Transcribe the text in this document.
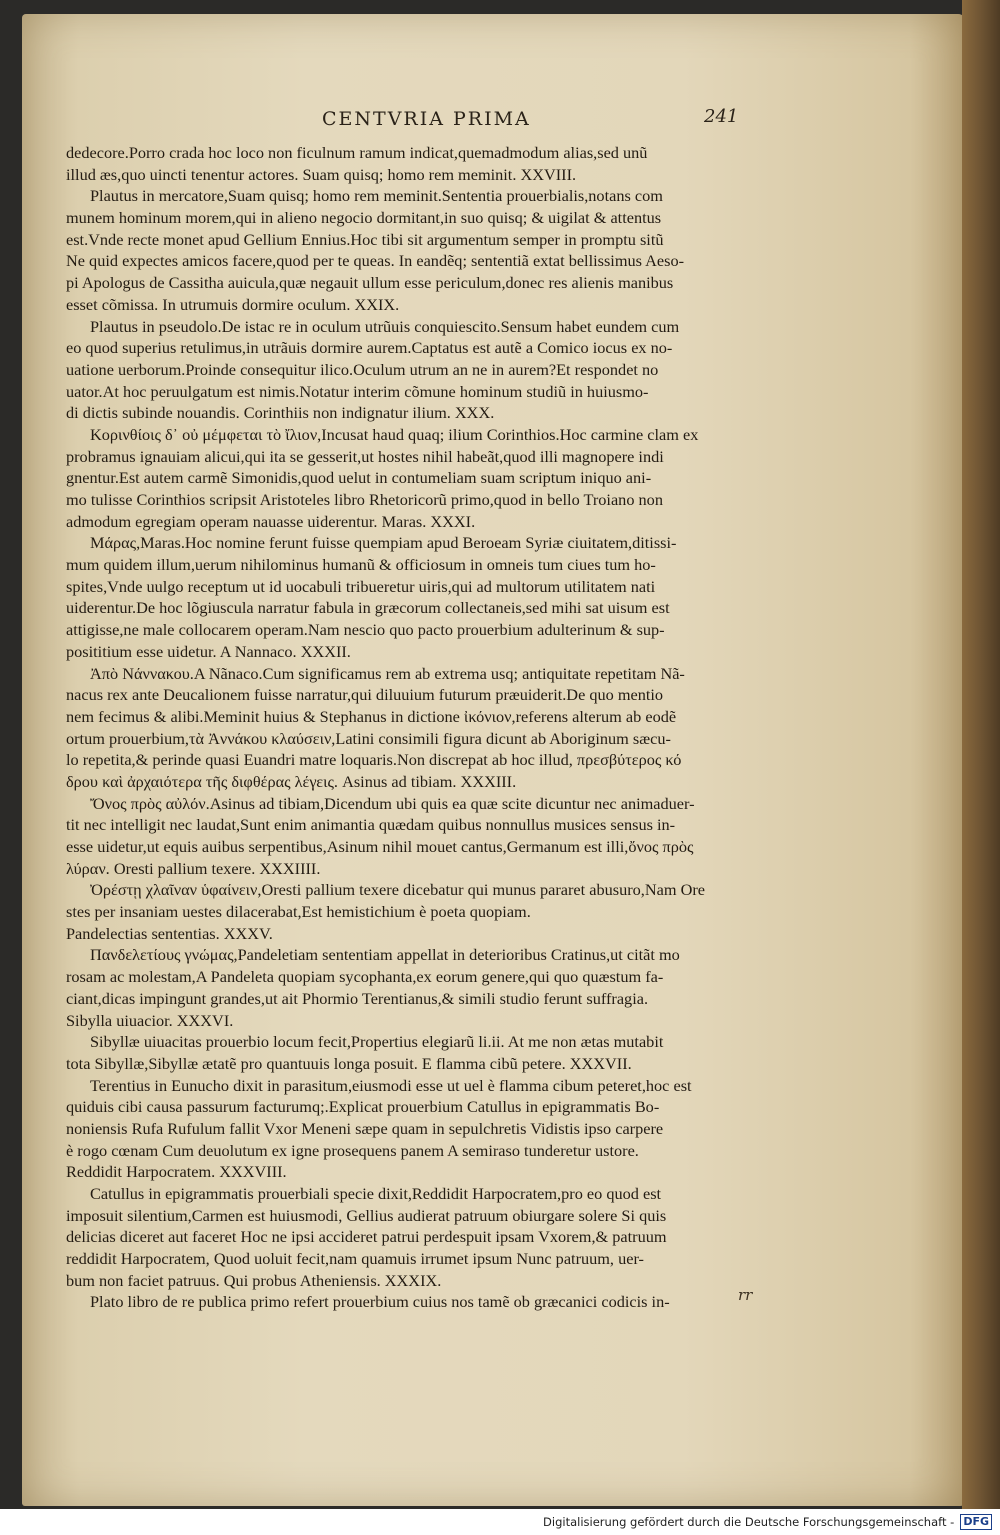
CENTVRIA PRIMA	241
dedecore.Porro crada hoc loco non ficulnum ramum indicat,quemadmodum alias,sed unũ
illud æs,quo uincti tenentur actores. Suam quisq; homo rem meminit. XXVIII.
Plautus in mercatore,Suam quisq; homo rem meminit.Sententia prouerbialis,notans com
munem hominum morem,qui in alieno negocio dormitant,in suo quisq; & uigilat & attentus
est.Vnde recte monet apud Gellium Ennius.Hoc tibi sit argumentum semper in promptu sitũ
Ne quid expectes amicos facere,quod per te queas. In eandẽq; sententiã extat bellissimus Aeso-
pi Apologus de Cassitha auicula,quæ negauit ullum esse periculum,donec res alienis manibus
esset cõmissa. In utrumuis dormire oculum. XXIX.
Plautus in pseudolo.De istac re in oculum utrũuis conquiescito.Sensum habet eundem cum
eo quod superius retulimus,in utrãuis dormire aurem.Captatus est autẽ a Comico iocus ex no-
uatione uerborum.Proinde consequitur ilico.Oculum utrum an ne in aurem?Et respondet no
uator.At hoc peruulgatum est nimis.Notatur interim cõmune hominum studiũ in huiusmo-
di dictis subinde nouandis. Corinthiis non indignatur ilium. XXX.
Κορινθίοις δ᾽ οὐ μέμφεται τὸ ἴλιον,Incusat haud quaq; ilium Corinthios.Hoc carmine clam ex
probramus ignauiam alicui,qui ita se gesserit,ut hostes nihil habeãt,quod illi magnopere indi
gnentur.Est autem carmẽ Simonidis,quod uelut in contumeliam suam scriptum iniquo ani-
mo tulisse Corinthios scripsit Aristoteles libro Rhetoricorũ primo,quod in bello Troiano non
admodum egregiam operam nauasse uiderentur. Maras. XXXI.
Μάρας,Maras.Hoc nomine ferunt fuisse quempiam apud Beroeam Syriæ ciuitatem,ditissi-
mum quidem illum,uerum nihilominus humanũ & officiosum in omneis tum ciues tum ho-
spites,Vnde uulgo receptum ut id uocabuli tribueretur uiris,qui ad multorum utilitatem nati
uiderentur.De hoc lõgiuscula narratur fabula in græcorum collectaneis,sed mihi sat uisum est
attigisse,ne male collocarem operam.Nam nescio quo pacto prouerbium adulterinum & sup-
posititium esse uidetur. A Nannaco. XXXII.
Ἀπὸ Νάννακου.A Nãnaco.Cum significamus rem ab extrema usq; antiquitate repetitam Nã-
nacus rex ante Deucalionem fuisse narratur,qui diluuium futurum præuiderit.De quo mentio
nem fecimus & alibi.Meminit huius & Stephanus in dictione ἰκόνιον,referens alterum ab eodẽ
ortum prouerbium,τὰ Ἀννάκου κλαύσειν,Latini consimili figura dicunt ab Aboriginum sæcu-
lo repetita,& perinde quasi Euandri matre loquaris.Non discrepat ab hoc illud, πρεσβύτερος κό
δρου καὶ ἀρχαιότερα τῆς διφθέρας λέγεις. Asinus ad tibiam. XXXIII.
Ὄνος πρὸς αὐλόν.Asinus ad tibiam,Dicendum ubi quis ea quæ scite dicuntur nec animaduer-
tit nec intelligit nec laudat,Sunt enim animantia quædam quibus nonnullus musices sensus in-
esse uidetur,ut equis auibus serpentibus,Asinum nihil mouet cantus,Germanum est illi,ὄνος πρὸς
λύραν. Oresti pallium texere. XXXIIII.
Ὀρέστῃ χλαῖναν ὑφαίνειν,Oresti pallium texere dicebatur qui munus pararet abusuro,Nam Ore
stes per insaniam uestes dilacerabat,Est hemistichium è poeta quopiam.
Pandelectias sententias. XXXV.
Πανδελετίους γνώμας,Pandeletiam sententiam appellat in deterioribus Cratinus,ut citãt mo
rosam ac molestam,A Pandeleta quopiam sycophanta,ex eorum genere,qui quo quæstum fa-
ciant,dicas impingunt grandes,ut ait Phormio Terentianus,& simili studio ferunt suffragia.
Sibylla uiuacior. XXXVI.
Sibyllæ uiuacitas prouerbio locum fecit,Propertius elegiarũ li.ii. At me non ætas mutabit
tota Sibyllæ,Sibyllæ ætatẽ pro quantuuis longa posuit. E flamma cibũ petere. XXXVII.
Terentius in Eunucho dixit in parasitum,eiusmodi esse ut uel è flamma cibum peteret,hoc est
quiduis cibi causa passurum facturumq;.Explicat prouerbium Catullus in epigrammatis Bo-
noniensis Rufa Rufulum fallit Vxor Meneni sæpe quam in sepulchretis Vidistis ipso carpere
è rogo cœnam Cum deuolutum ex igne prosequens panem A semiraso tunderetur ustore.
Reddidit Harpocratem. XXXVIII.
Catullus in epigrammatis prouerbiali specie dixit,Reddidit Harpocratem,pro eo quod est
imposuit silentium,Carmen est huiusmodi, Gellius audierat patruum obiurgare solere Si quis
delicias diceret aut faceret Hoc ne ipsi accideret patrui perdespuit ipsam Vxorem,& patruum
reddidit Harpocratem, Quod uoluit fecit,nam quamuis irrumet ipsum Nunc patruum, uer-
bum non faciet patruus. Qui probus Atheniensis. XXXIX.
Plato libro de re publica primo refert prouerbium cuius nos tamẽ ob græcanici codicis in-	rr
Digitalisierung gefördert durch die Deutsche Forschungsgemeinschaft - DFG
